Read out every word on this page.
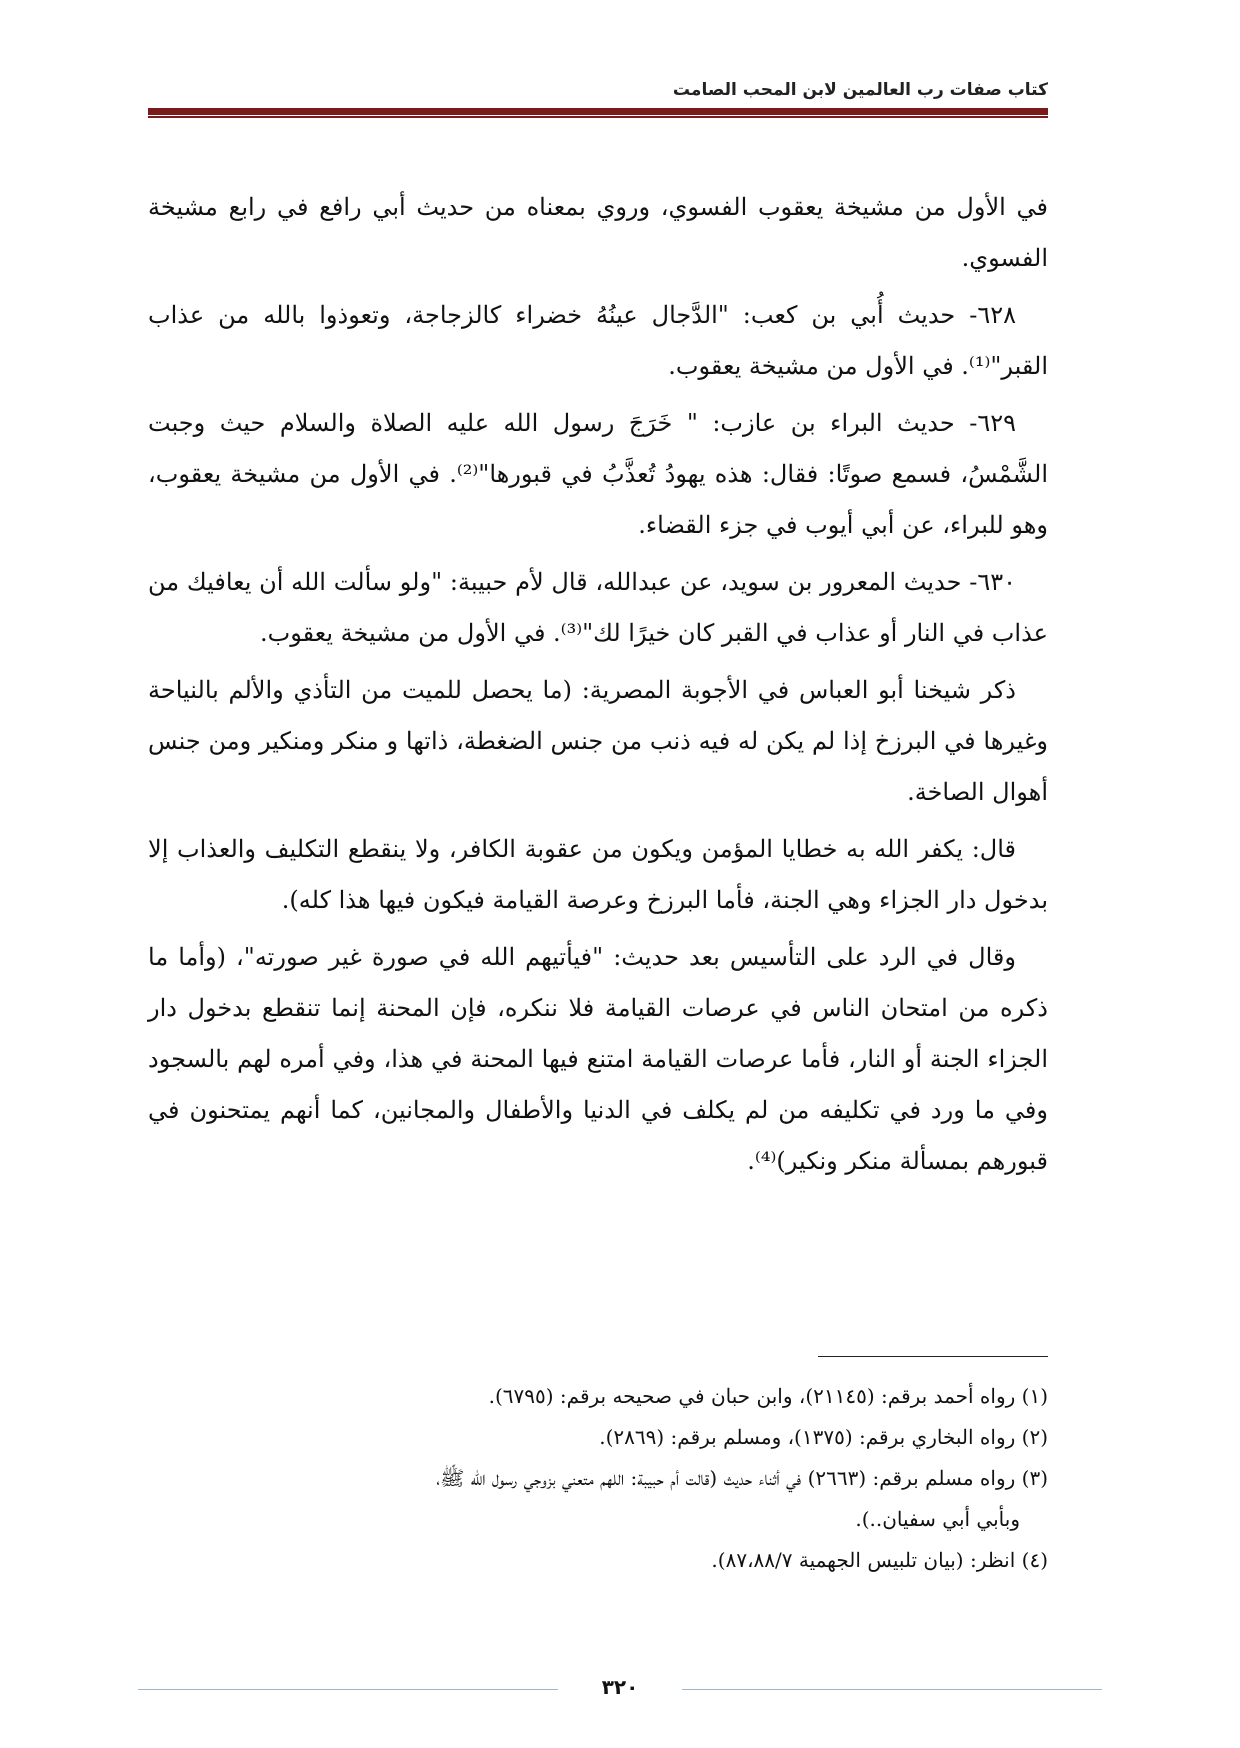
كتاب صفات رب العالمين لابن المحب الصامت

في الأول من مشيخة يعقوب الفسوي، وروي بمعناه من حديث أبي رافع في رابع مشيخة الفسوي.

٦٢٨- حديث أُبي بن كعب: "الدَّجال عينُهُ خضراء كالزجاجة، وتعوذوا بالله من عذاب القبر"⁽¹⁾. في الأول من مشيخة يعقوب.

٦٢٩- حديث البراء بن عازب: " خَرَجَ رسول الله عليه الصلاة والسلام حيث وجبت الشَّمْسُ، فسمع صوتًا: فقال: هذه يهودُ تُعذَّبُ في قبورها"⁽²⁾. في الأول من مشيخة يعقوب، وهو للبراء، عن أبي أيوب في جزء القضاء.

٦٣٠- حديث المعرور بن سويد، عن عبدالله، قال لأم حبيبة: "ولو سألت الله أن يعافيك من عذاب في النار أو عذاب في القبر كان خيرًا لك"⁽³⁾. في الأول من مشيخة يعقوب.

ذكر شيخنا أبو العباس في الأجوبة المصرية: (ما يحصل للميت من التأذي والألم بالنياحة وغيرها في البرزخ إذا لم يكن له فيه ذنب من جنس الضغطة، ذاتها و منكر ومنكير ومن جنس أهوال الصاخة.

قال: يكفر الله به خطايا المؤمن ويكون من عقوبة الكافر، ولا ينقطع التكليف والعذاب إلا بدخول دار الجزاء وهي الجنة، فأما البرزخ وعرصة القيامة فيكون فيها هذا كله).

وقال في الرد على التأسيس بعد حديث: "فيأتيهم الله في صورة غير صورته"، (وأما ما ذكره من امتحان الناس في عرصات القيامة فلا ننكره، فإن المحنة إنما تنقطع بدخول دار الجزاء الجنة أو النار، فأما عرصات القيامة امتنع فيها المحنة في هذا، وفي أمره لهم بالسجود وفي ما ورد في تكليفه من لم يكلف في الدنيا والأطفال والمجانين، كما أنهم يمتحنون في قبورهم بمسألة منكر ونكير)⁽⁴⁾.

(١) رواه أحمد برقم: (٢١١٤٥)، وابن حبان في صحيحه برقم: (٦٧٩٥).

(٢) رواه البخاري برقم: (١٣٧٥)، ومسلم برقم: (٢٨٦٩).

(٣) رواه مسلم برقم: (٢٦٦٣) في أثناء حديث (قالت أم حبيبة: اللهم متعني بزوجي رسول الله ﷺ،

وبأبي أبي سفيان..).

(٤) انظر: (بيان تلبيس الجهمية ٨٧،٨٨/٧).

٣٢٠
